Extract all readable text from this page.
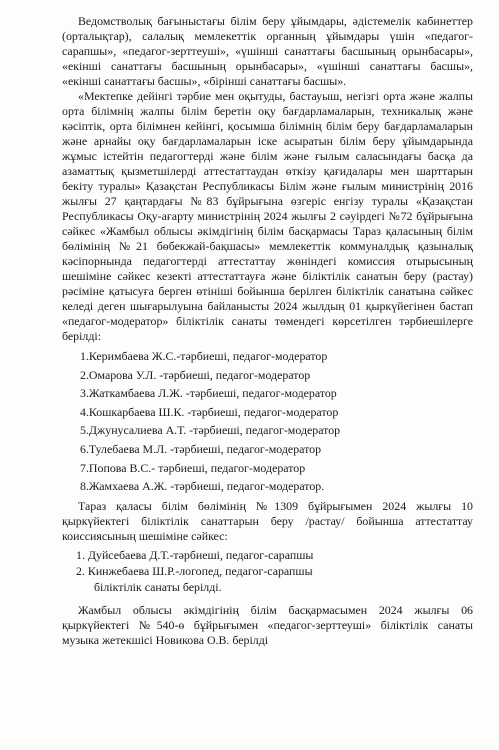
Ведомстволық бағыныстағы білім беру ұйымдары, әдістемелік кабинеттер (орталықтар), салалық мемлекеттік органның ұйымдары үшін «педагог-сарапшы», «педагог-зерттеуші», «үшінші санаттағы басшының орынбасары», «екінші санаттағы басшының орынбасары», «үшінші санаттағы басшы», «екінші санаттағы басшы», «бірінші санаттағы басшы».

«Мектепке дейінгі тәрбие мен оқытуды, бастауыш, негізгі орта және жалпы орта білімнің жалпы білім беретін оқу бағдарламаларын, техникалық және кәсіптік, орта білімнен кейінгі, қосымша білімнің білім беру бағдарламаларын және арнайы оқу бағдарламаларын іске асыратын білім беру ұйымдарында жұмыс істейтін педагогтерді және білім және ғылым саласындағы басқа да азаматтық қызметшілерді аттестаттаудан өткізу қағидалары мен шарттарын бекіту туралы» Қазақстан Республикасы Білім және ғылым министрінің 2016 жылғы 27 қаңтардағы №83 бұйрығына өзгеріс енгізу туралы «Қазақстан Республикасы Оқу-ағарту министрінің 2024 жылғы 2 сәуірдегі №72 бұйрығына сәйкес «Жамбыл облысы әкімдігінің білім басқармасы Тараз қаласының білім бөлімінің №21 бөбекжай-бақшасы» мемлекеттік коммуналдық қазыналық кәсіпорнында педагогтерді аттестаттау жөніндегі комиссия отырысының шешіміне сәйкес кезекті аттестаттауға және біліктілік санатын беру (растау) рәсіміне қатысуға берген өтініші бойынша берілген біліктілік санатына сәйкес келеді деген шығарылуына байланысты 2024 жылдың 01 қыркүйегінен бастап «педагог-модератор» біліктілік санаты төмендегі көрсетілген тәрбиешілерге берілді:

1.Керимбаева Ж.С.-тәрбиеші, педагог-модератор
2.Омарова У.Л. -тәрбиеші, педагог-модератор
3.Жаткамбаева Л.Ж. -тәрбиеші, педагог-модератор
4.Кошкарбаева Ш.К. -тәрбиеші, педагог-модератор
5.Джунусалиева А.Т. -тәрбиеші, педагог-модератор
6.Тулебаева М.Л. -тәрбиеші, педагог-модератор
7.Попова В.С.- тәрбиеші, педагог-модератор
8.Жамхаева А.Ж. -тәрбиеші, педагог-модератор.

Тараз қаласы білім бөлімінің №1309 бұйрығымен 2024 жылғы 10 қыркүйектегі біліктілік санаттарын беру /растау/ бойынша аттестаттау коиссиясының шешіміне сәйкес:

1. Дуйсебаева Д.Т.-тәрбиеші, педагог-сарапшы
2. Кинжебаева Ш.Р.-логопед, педагог-сарапшы
біліктілік санаты берілді.

Жамбыл облысы әкімдігінің білім басқармасымен 2024 жылғы 06 қыркүйектегі №540-ө бұйрығымен «педагог-зерттеуші» біліктілік санаты музыка жетекшісі Новикова О.В. берілді
